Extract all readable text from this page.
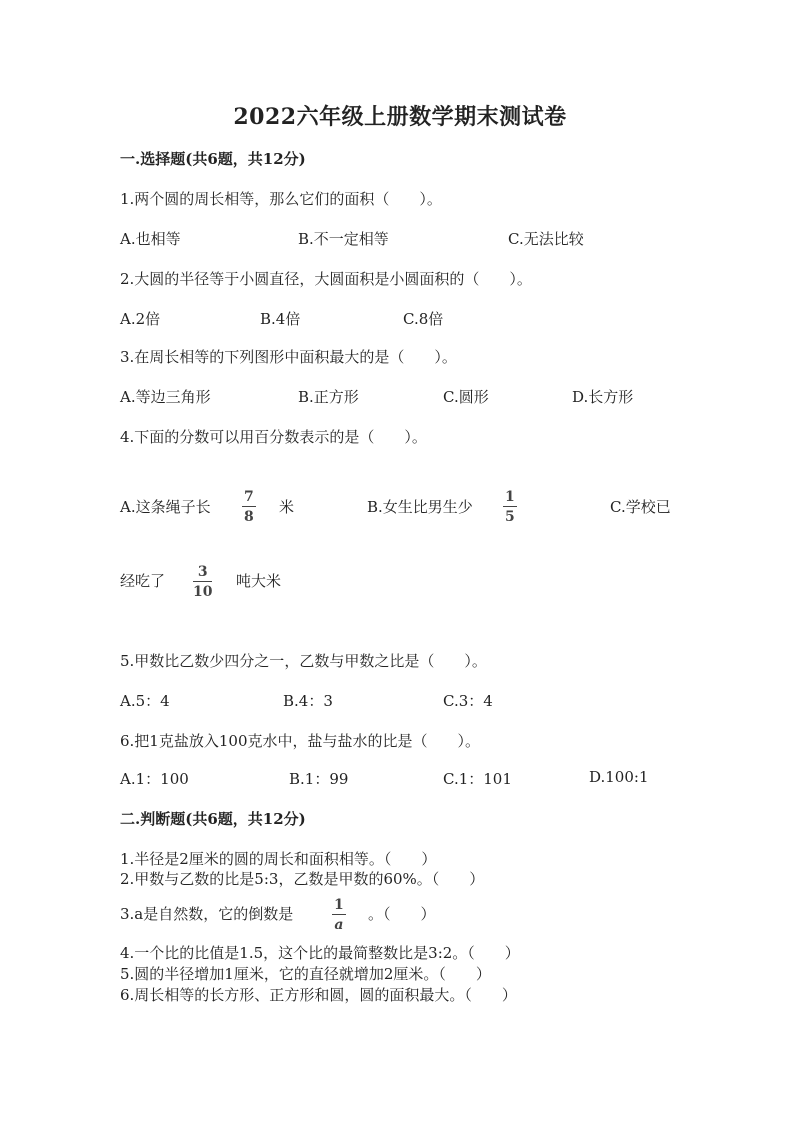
2022六年级上册数学期末测试卷
一.选择题(共6题，共12分)
1.两个圆的周长相等，那么它们的面积（　　）。
A.也相等	B.不一定相等	C.无法比较
2.大圆的半径等于小圆直径，大圆面积是小圆面积的（　　）。
A.2倍	B.4倍	C.8倍
3.在周长相等的下列图形中面积最大的是（　　）。
A.等边三角形	B.正方形	C.圆形	D.长方形
4.下面的分数可以用百分数表示的是（　　）。
A.这条绳子长
7
8
米	B.女生比男生少
1
5
C.学校已
经吃了 3
10
吨大米
5.甲数比乙数少四分之一，乙数与甲数之比是（　　）。
A.5：4	B.4：3	C.3：4
6.把1克盐放入100克水中，盐与盐水的比是（　　）。
A.1：100	B.1：99	C.1：101	D.100:1
二.判断题(共6题，共12分)
1.半径是2厘米的圆的周长和面积相等。（　　）
2.甲数与乙数的比是5:3，乙数是甲数的60%。（　　）
3.a是自然数，它的倒数是	1
a
。（　　）
4.一个比的比值是1.5，这个比的最简整数比是3:2。（　　）
5.圆的半径增加1厘米，它的直径就增加2厘米。（　　）
6.周长相等的长方形、正方形和圆，圆的面积最大。（　　）
